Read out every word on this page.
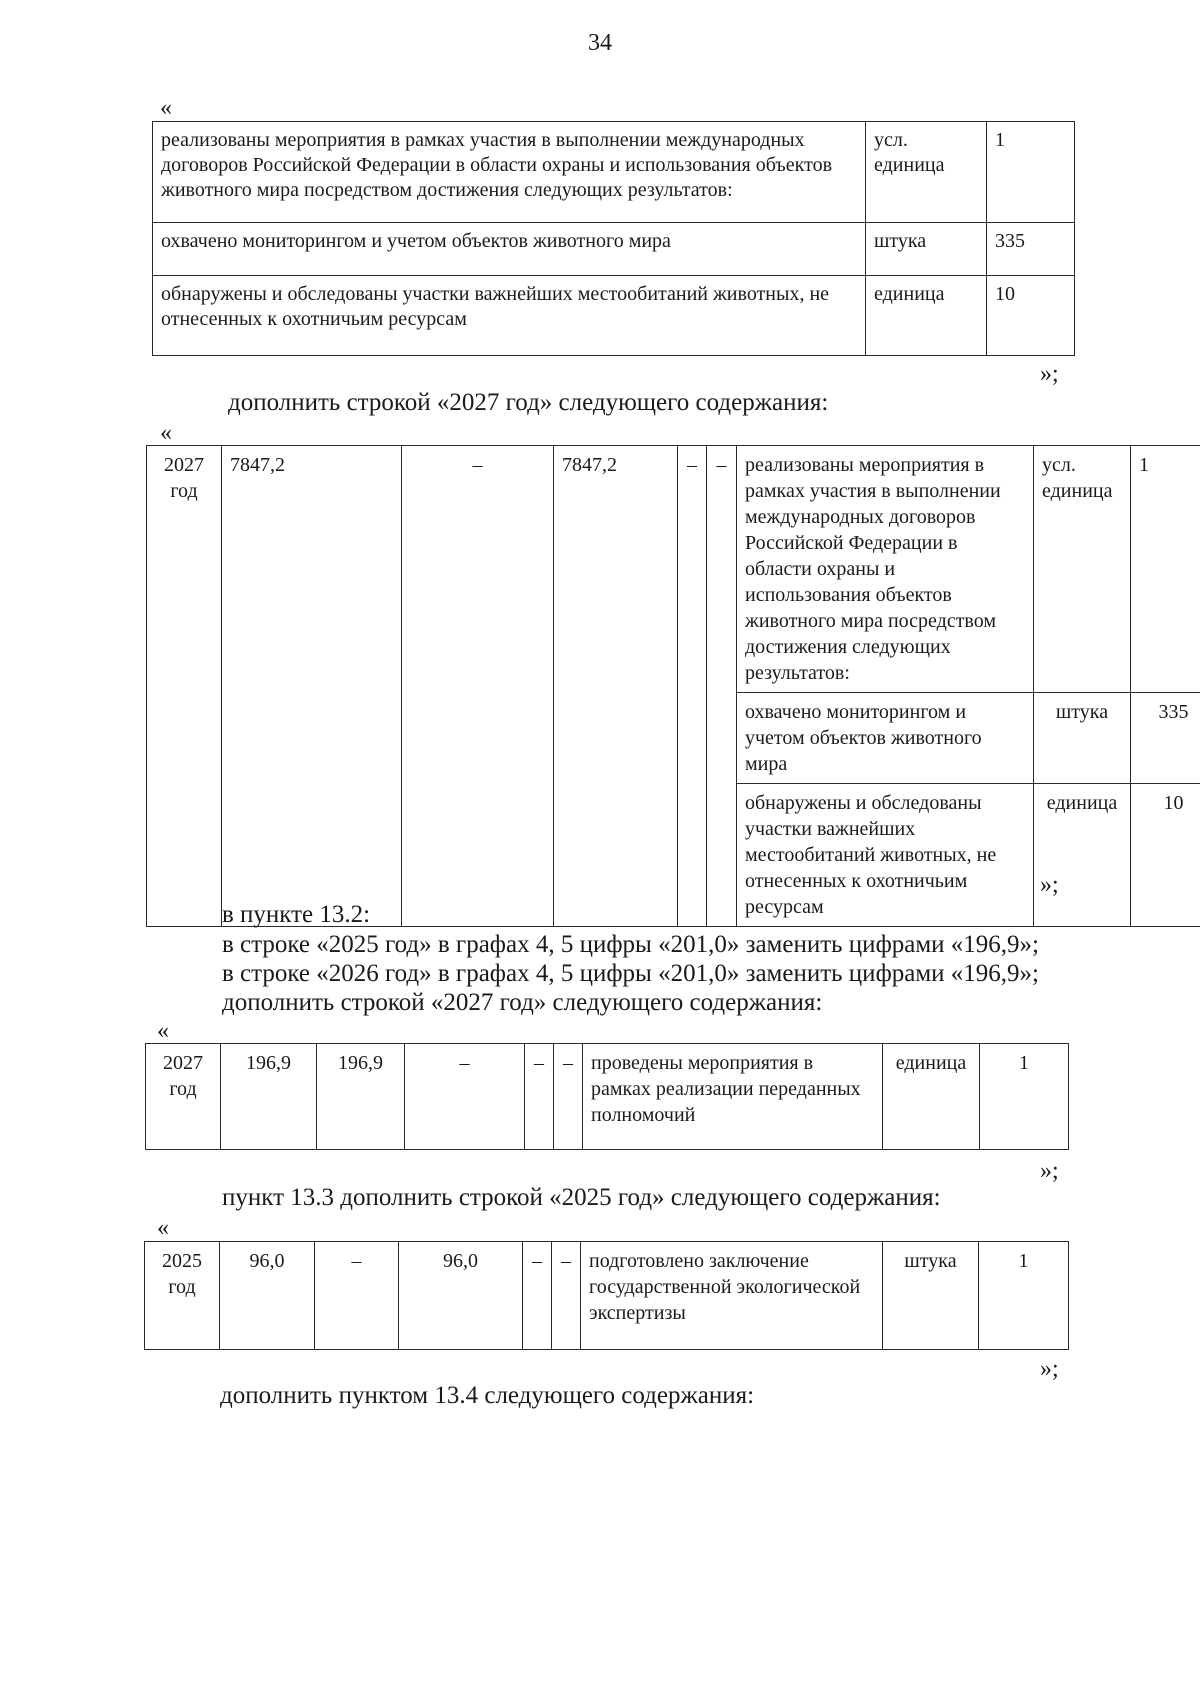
34
«
реализованы мероприятия в рамках участия в выполнении международных договоров Российской Федерации в области охраны и использования объектов животного мира посредством достижения следующих результатов:	усл. единица	1
охвачено мониторингом и учетом объектов животного мира	штука	335
обнаружены и обследованы участки важнейших местообитаний животных, не отнесенных к охотничьим ресурсам	единица	10
»;
дополнить строкой «2027 год» следующего содержания:
«
2027 год	7847,2	–	7847,2	–	–	реализованы мероприятия в рамках участия в выполнении международных договоров Российской Федерации в области охраны и использования объектов животного мира посредством достижения следующих результатов:	усл. единица	1
						охвачено мониторингом и учетом объектов животного мира	штука	335
						обнаружены и обследованы участки важнейших местообитаний животных, не отнесенных к охотничьим ресурсам	единица	10
»;
в пункте 13.2:
в строке «2025 год» в графах 4, 5 цифры «201,0» заменить цифрами «196,9»;
в строке «2026 год» в графах 4, 5 цифры «201,0» заменить цифрами «196,9»;
дополнить строкой «2027 год» следующего содержания:
«
2027 год	196,9	196,9	–	–	–	проведены мероприятия в рамках реализации переданных полномочий	единица	1
»;
пункт 13.3 дополнить строкой «2025 год» следующего содержания:
«
2025 год	96,0	–	96,0	–	–	подготовлено заключение государственной экологической экспертизы	штука	1
»;
дополнить пунктом 13.4 следующего содержания:
